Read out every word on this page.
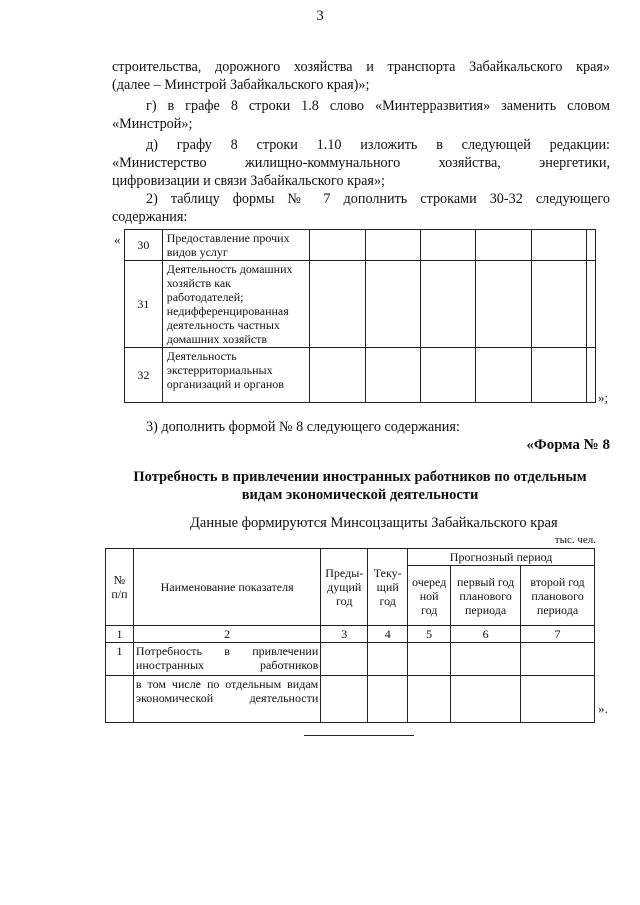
3
строительства, дорожного хозяйства и транспорта Забайкальского края»
(далее – Минстрой Забайкальского края)»;
г) в графе 8 строки 1.8 слово «Минтерразвития» заменить словом
«Минстрой»;
д) графу 8 строки 1.10 изложить в следующей редакции:
«Министерство жилищно-коммунального хозяйства, энергетики,
цифровизации и связи Забайкальского края»;
2) таблицу формы № 7 дополнить строками 30-32 следующего
содержания:
« 30	Предоставление прочих видов услуг						
31	Деятельность домашних хозяйств как работодателей; недифференцированная деятельность частных домашних хозяйств						
32	Деятельность экстерриториальных организаций и органов						
»;
3) дополнить формой № 8 следующего содержания:
«Форма № 8
Потребность в привлечении иностранных работников по отдельным
видам экономической деятельности
Данные формируются Минсоцзащиты Забайкальского края
тыс. чел.
№ п/п	Наименование показателя	Преды-дущий год	Теку-щий год	Прогнозный период		
				очеред ной год	первый год планового периода	второй год планового периода
1	2	3	4	5	6	7
1	Потребность в привлечении иностранных работников					
	в том числе по отдельным видам экономической деятельности					
».
